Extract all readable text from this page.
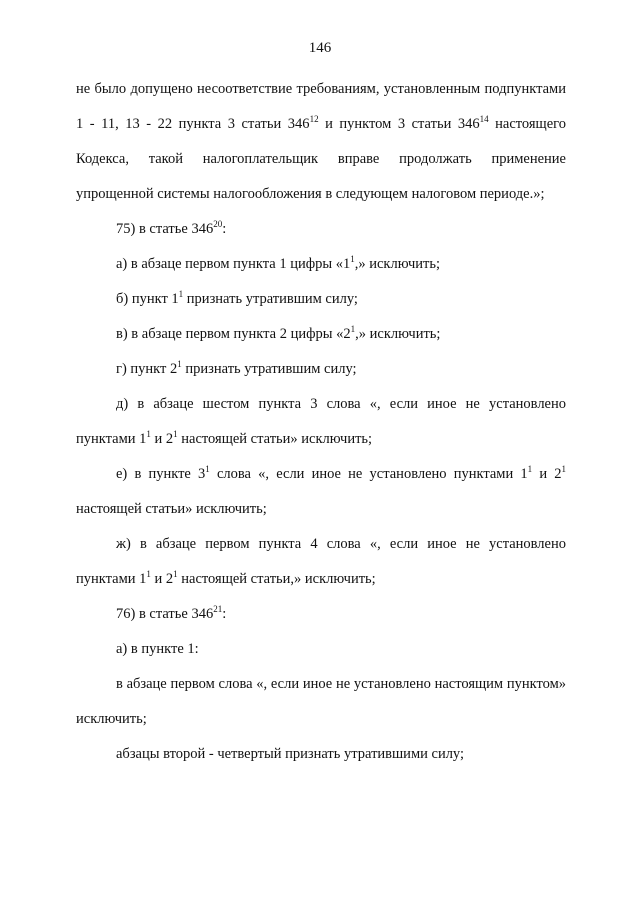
146

не было допущено несоответствие требованиям, установленным подпунктами 1 - 11, 13 - 22 пункта 3 статьи $346^{12}$ и пунктом 3 статьи $346^{14}$ настоящего Кодекса, такой налогоплательщик вправе продолжать применение упрощенной системы налогообложения в следующем налоговом периоде.»;

75) в статье $346^{20}$:

а) в абзаце первом пункта 1 цифры «$1^1$,» исключить;

б) пункт $1^1$ признать утратившим силу;

в) в абзаце первом пункта 2 цифры «$2^1$,» исключить;

г) пункт $2^1$ признать утратившим силу;

д) в абзаце шестом пункта 3 слова «, если иное не установлено пунктами $1^1$ и $2^1$ настоящей статьи» исключить;

е) в пункте $3^1$ слова «, если иное не установлено пунктами $1^1$ и $2^1$ настоящей статьи» исключить;

ж) в абзаце первом пункта 4 слова «, если иное не установлено пунктами $1^1$ и $2^1$ настоящей статьи,» исключить;

76) в статье $346^{21}$:

а) в пункте 1:

в абзаце первом слова «, если иное не установлено настоящим пунктом» исключить;

абзацы второй - четвертый признать утратившими силу;
